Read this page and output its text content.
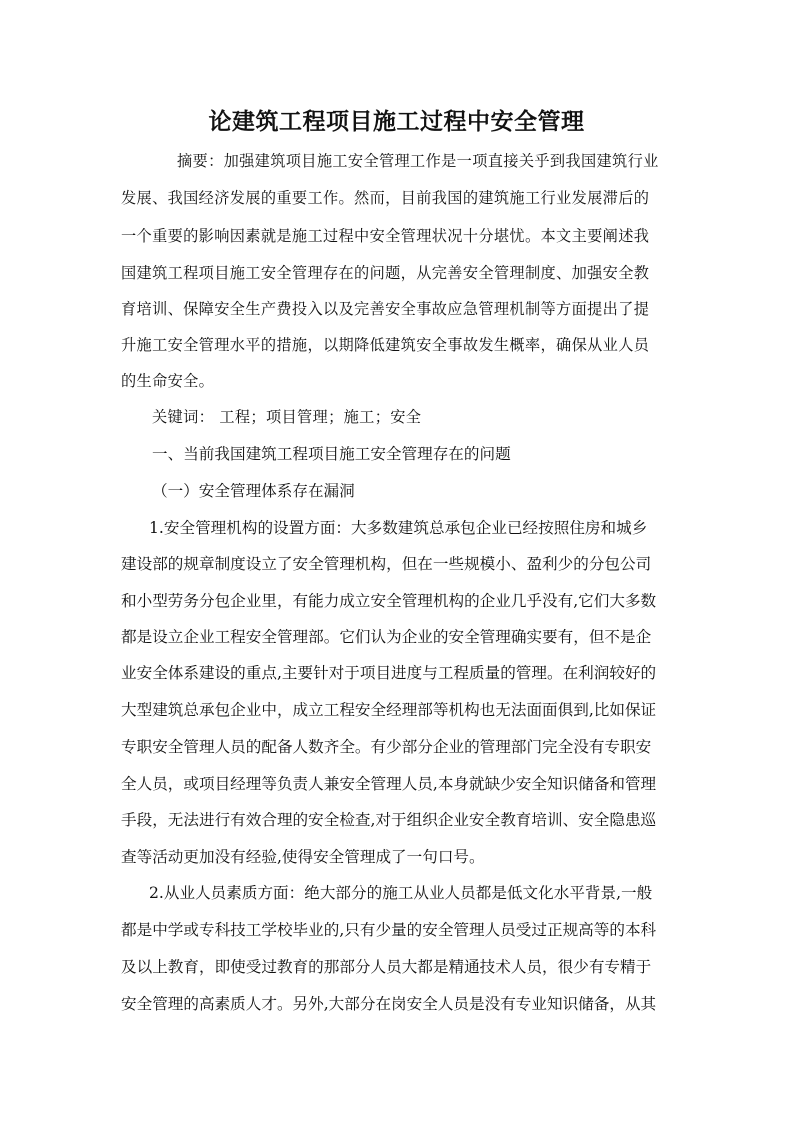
论建筑工程项目施工过程中安全管理

摘要：加强建筑项目施工安全管理工作是一项直接关乎到我国建筑行业

发展、我国经济发展的重要工作。然而，目前我国的建筑施工行业发展滞后的

一个重要的影响因素就是施工过程中安全管理状况十分堪忧。本文主要阐述我

国建筑工程项目施工安全管理存在的问题，从完善安全管理制度、加强安全教

育培训、保障安全生产费投入以及完善安全事故应急管理机制等方面提出了提

升施工安全管理水平的措施，以期降低建筑安全事故发生概率，确保从业人员

的生命安全。

关键词： 工程；项目管理；施工；安全

一、当前我国建筑工程项目施工安全管理存在的问题

（一）安全管理体系存在漏洞

1.安全管理机构的设置方面：大多数建筑总承包企业已经按照住房和城乡

建设部的规章制度设立了安全管理机构，但在一些规模小、盈利少的分包公司

和小型劳务分包企业里，有能力成立安全管理机构的企业几乎没有,它们大多数

都是设立企业工程安全管理部。它们认为企业的安全管理确实要有，但不是企

业安全体系建设的重点,主要针对于项目进度与工程质量的管理。在利润较好的

大型建筑总承包企业中，成立工程安全经理部等机构也无法面面俱到,比如保证

专职安全管理人员的配备人数齐全。有少部分企业的管理部门完全没有专职安

全人员，或项目经理等负责人兼安全管理人员,本身就缺少安全知识储备和管理

手段，无法进行有效合理的安全检查,对于组织企业安全教育培训、安全隐患巡

查等活动更加没有经验,使得安全管理成了一句口号。

2.从业人员素质方面：绝大部分的施工从业人员都是低文化水平背景,一般

都是中学或专科技工学校毕业的,只有少量的安全管理人员受过正规高等的本科

及以上教育，即使受过教育的那部分人员大都是精通技术人员，很少有专精于

安全管理的高素质人才。另外,大部分在岗安全人员是没有专业知识储备，从其
